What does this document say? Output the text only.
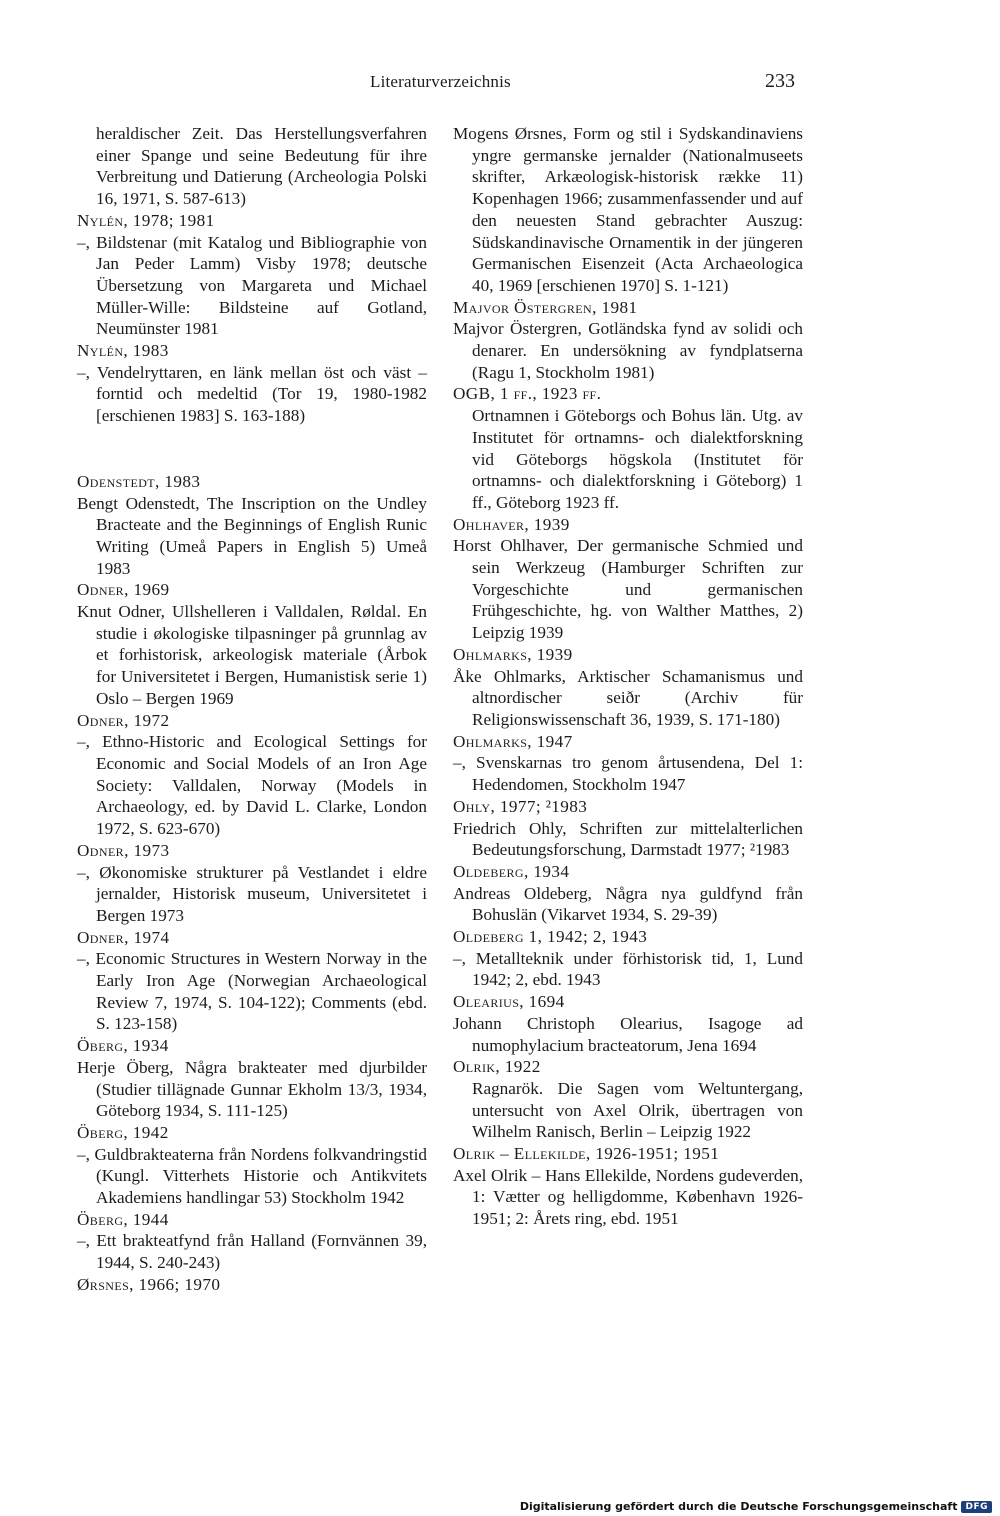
Literaturverzeichnis	233
heraldischer Zeit. Das Herstellungsverfahren einer Spange und seine Bedeutung für ihre Verbreitung und Datierung (Archeologia Polski 16, 1971, S. 587-613)
Nylén, 1978; 1981
–, Bildstenar (mit Katalog und Bibliographie von Jan Peder Lamm) Visby 1978; deutsche Übersetzung von Margareta und Michael Müller-Wille: Bildsteine auf Gotland, Neumünster 1981
Nylén, 1983
–, Vendelryttaren, en länk mellan öst och väst – forntid och medeltid (Tor 19, 1980-1982 [erschienen 1983] S. 163-188)
Odenstedt, 1983
Bengt Odenstedt, The Inscription on the Undley Bracteate and the Beginnings of English Runic Writing (Umeå Papers in English 5) Umeå 1983
Odner, 1969
Knut Odner, Ullshelleren i Valldalen, Røldal. En studie i økologiske tilpasninger på grunnlag av et forhistorisk, arkeologisk materiale (Årbok for Universitetet i Bergen, Humanistisk serie 1) Oslo – Bergen 1969
Odner, 1972
–, Ethno-Historic and Ecological Settings for Economic and Social Models of an Iron Age Society: Valldalen, Norway (Models in Archaeology, ed. by David L. Clarke, London 1972, S. 623-670)
Odner, 1973
–, Økonomiske strukturer på Vestlandet i eldre jernalder, Historisk museum, Universitetet i Bergen 1973
Odner, 1974
–, Economic Structures in Western Norway in the Early Iron Age (Norwegian Archaeological Review 7, 1974, S. 104-122); Comments (ebd. S. 123-158)
Öberg, 1934
Herje Öberg, Några brakteater med djurbilder (Studier tillägnade Gunnar Ekholm 13/3, 1934, Göteborg 1934, S. 111-125)
Öberg, 1942
–, Guldbrakteaterna från Nordens folkvandringstid (Kungl. Vitterhets Historie och Antikvitets Akademiens handlingar 53) Stockholm 1942
Öberg, 1944
–, Ett brakteatfynd från Halland (Fornvännen 39, 1944, S. 240-243)
Ørsnes, 1966; 1970
Mogens Ørsnes, Form og stil i Sydskandinaviens yngre germanske jernalder (Nationalmuseets skrifter, Arkæologisk-historisk række 11) Kopenhagen 1966; zusammenfassender und auf den neuesten Stand gebrachter Auszug: Südskandinavische Ornamentik in der jüngeren Germanischen Eisenzeit (Acta Archaeologica 40, 1969 [erschienen 1970] S. 1-121)
Majvor Östergren, 1981
Majvor Östergren, Gotländska fynd av solidi och denarer. En undersökning av fyndplatserna (Ragu 1, Stockholm 1981)
OGB, 1 ff., 1923 ff.
Ortnamnen i Göteborgs och Bohus län. Utg. av Institutet för ortnamns- och dialektforskning vid Göteborgs högskola (Institutet för ortnamns- och dialektforskning i Göteborg) 1 ff., Göteborg 1923 ff.
Ohlhaver, 1939
Horst Ohlhaver, Der germanische Schmied und sein Werkzeug (Hamburger Schriften zur Vorgeschichte und germanischen Frühgeschichte, hg. von Walther Matthes, 2) Leipzig 1939
Ohlmarks, 1939
Åke Ohlmarks, Arktischer Schamanismus und altnordischer seiðr (Archiv für Religionswissenschaft 36, 1939, S. 171-180)
Ohlmarks, 1947
–, Svenskarnas tro genom årtusendena, Del 1: Hedendomen, Stockholm 1947
Ohly, 1977; ²1983
Friedrich Ohly, Schriften zur mittelalterlichen Bedeutungsforschung, Darmstadt 1977; ²1983
Oldeberg, 1934
Andreas Oldeberg, Några nya guldfynd från Bohuslän (Vikarvet 1934, S. 29-39)
Oldeberg 1, 1942; 2, 1943
–, Metallteknik under förhistorisk tid, 1, Lund 1942; 2, ebd. 1943
Olearius, 1694
Johann Christoph Olearius, Isagoge ad numophylacium bracteatorum, Jena 1694
Olrik, 1922
Ragnarök. Die Sagen vom Weltuntergang, untersucht von Axel Olrik, übertragen von Wilhelm Ranisch, Berlin – Leipzig 1922
Olrik – Ellekilde, 1926-1951; 1951
Axel Olrik – Hans Ellekilde, Nordens gudeverden, 1: Vætter og helligdomme, København 1926-1951; 2: Årets ring, ebd. 1951
Digitalisierung gefördert durch die Deutsche Forschungsgemeinschaft DFG
